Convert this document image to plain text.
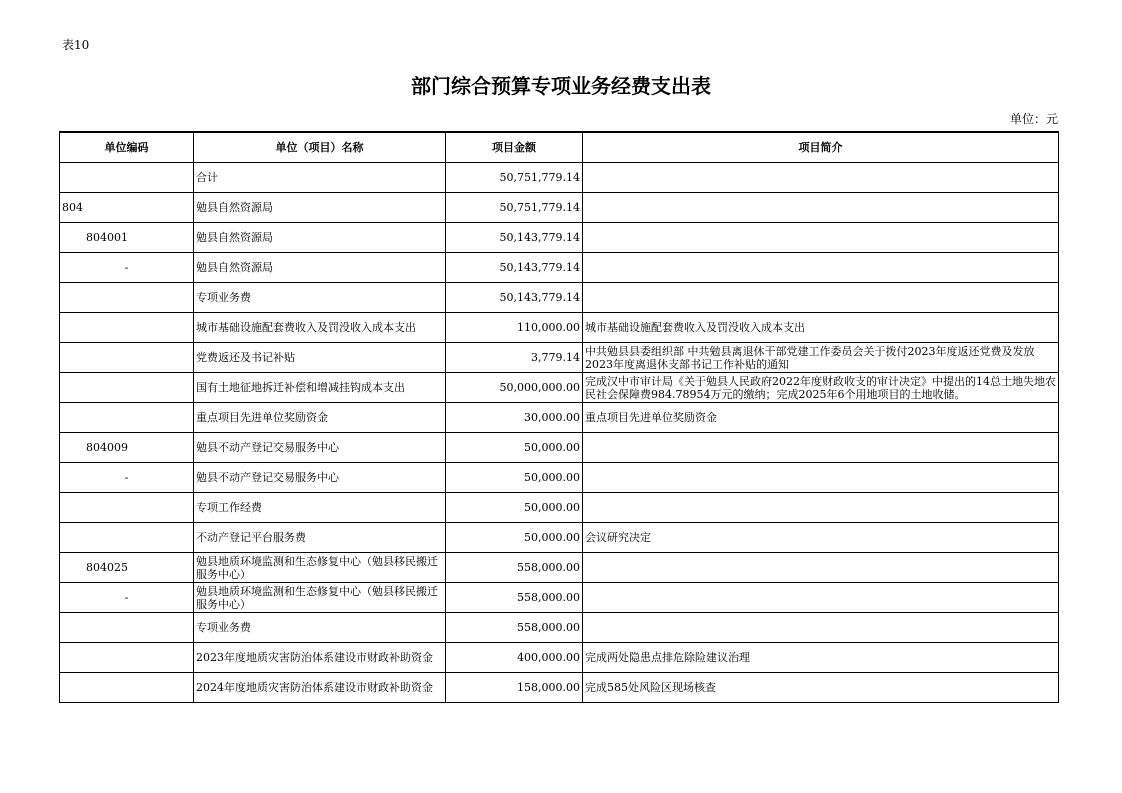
表10
部门综合预算专项业务经费支出表
单位：元
单位编码	单位（项目）名称	项目金额	项目简介
	合计	50,751,779.14	
804	勉县自然资源局	50,751,779.14	
804001	勉县自然资源局	50,143,779.14	
-	勉县自然资源局	50,143,779.14	
	专项业务费	50,143,779.14	
	城市基础设施配套费收入及罚没收入成本支出	110,000.00	城市基础设施配套费收入及罚没收入成本支出
	党费返还及书记补贴	3,779.14	中共勉县县委组织部 中共勉县离退休干部党建工作委员会关于拨付2023年度返还党费及发放2023年度离退休支部书记工作补贴的通知
	国有土地征地拆迁补偿和增减挂钩成本支出	50,000,000.00	完成汉中市审计局《关于勉县人民政府2022年度财政收支的审计决定》中提出的14总土地失地农民社会保障费984.78954万元的缴纳；完成2025年6个用地项目的土地收储。
	重点项目先进单位奖励资金	30,000.00	重点项目先进单位奖励资金
804009	勉县不动产登记交易服务中心	50,000.00	
-	勉县不动产登记交易服务中心	50,000.00	
	专项工作经费	50,000.00	
	不动产登记平台服务费	50,000.00	会议研究决定
804025	勉县地质环境监测和生态修复中心（勉县移民搬迁服务中心）	558,000.00	
-	勉县地质环境监测和生态修复中心（勉县移民搬迁服务中心）	558,000.00	
	专项业务费	558,000.00	
	2023年度地质灾害防治体系建设市财政补助资金	400,000.00	完成两处隐患点排危除险建议治理
	2024年度地质灾害防治体系建设市财政补助资金	158,000.00	完成585处风险区现场核查
